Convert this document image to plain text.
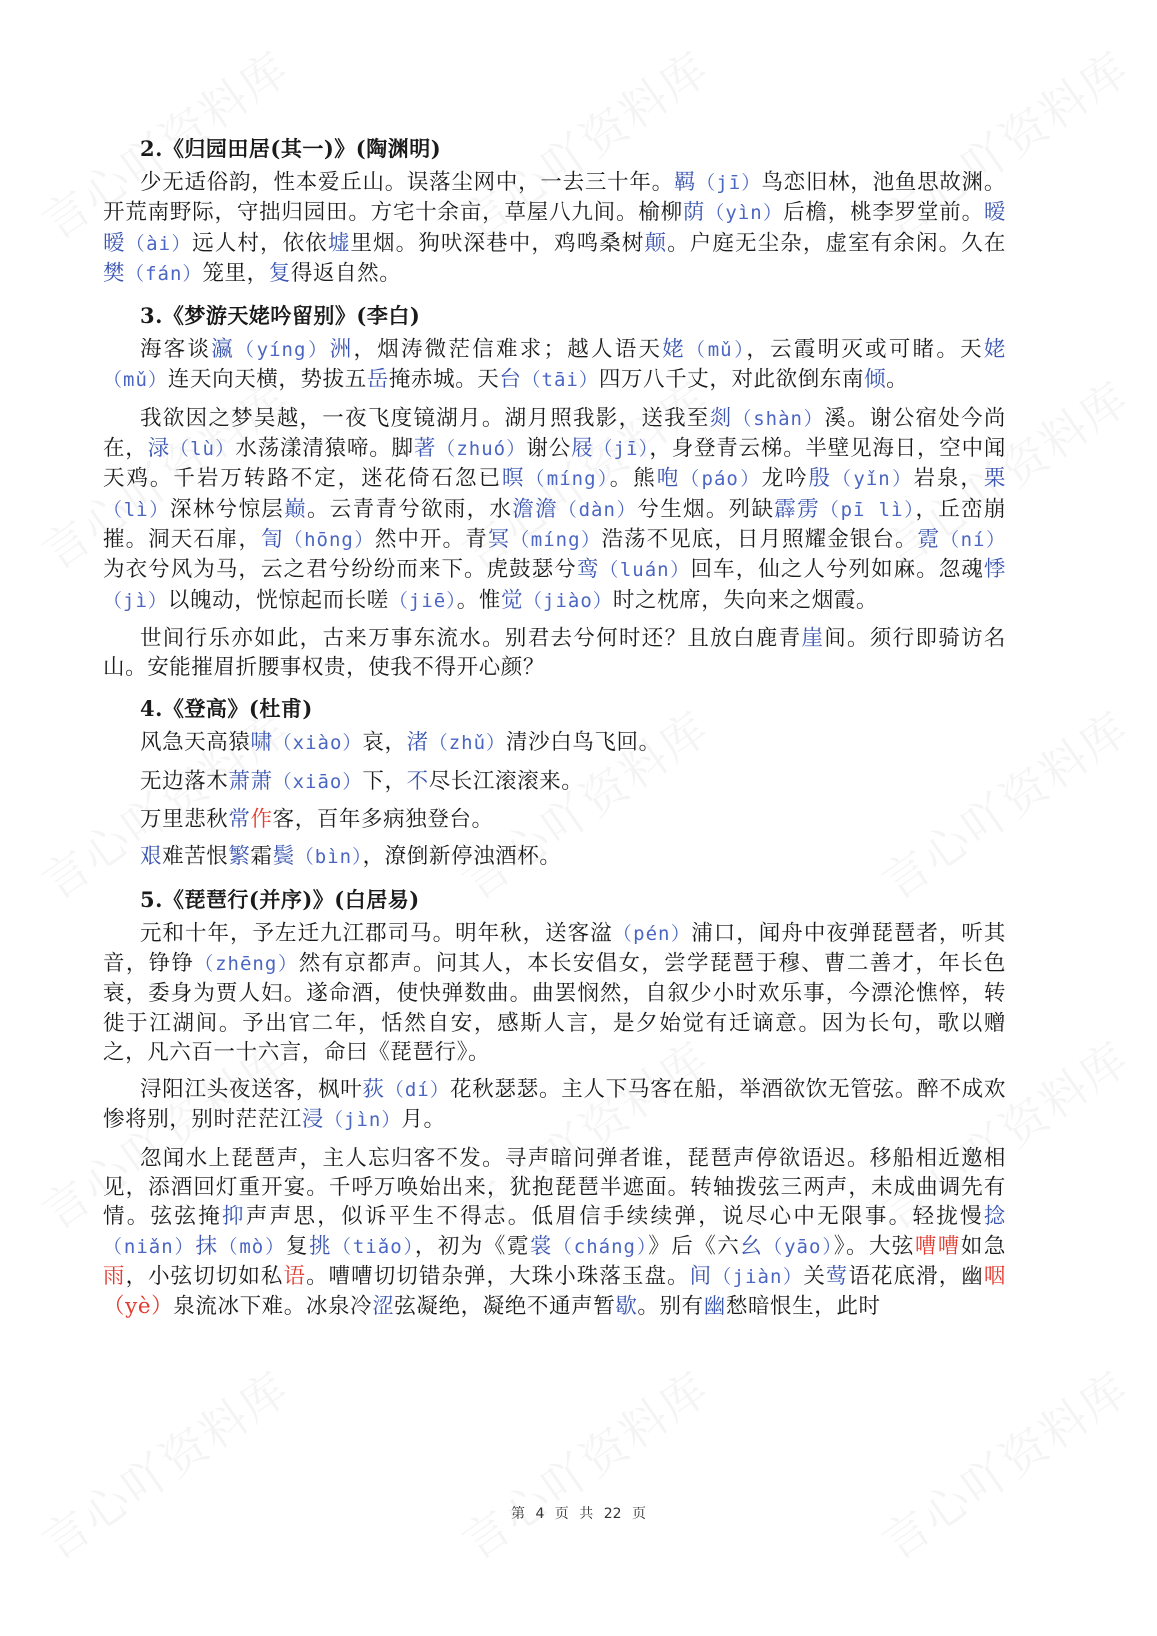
2.《归园田居(其一)》(陶渊明)

少无适俗韵，性本爱丘山。误落尘网中，一去三十年。羁（jī）鸟恋旧林，池鱼思故渊。开荒南野际，守拙归园田。方宅十余亩，草屋八九间。榆柳荫（yìn）后檐，桃李罗堂前。暧暧（ài）远人村，依依墟里烟。狗吠深巷中，鸡鸣桑树颠。户庭无尘杂，虚室有余闲。久在樊（fán）笼里，复得返自然。

3.《梦游天姥吟留别》(李白)

海客谈瀛（yíng）洲，烟涛微茫信难求；越人语天姥（mǔ），云霞明灭或可睹。天姥（mǔ）连天向天横，势拔五岳掩赤城。天台（tāi）四万八千丈，对此欲倒东南倾。

我欲因之梦吴越，一夜飞度镜湖月。湖月照我影，送我至剡（shàn）溪。谢公宿处今尚在，渌（lù）水荡漾清猿啼。脚著（zhuó）谢公屐（jī），身登青云梯。半壁见海日，空中闻天鸡。千岩万转路不定，迷花倚石忽已暝（míng）。熊咆（páo）龙吟殷（yǐn）岩泉，栗（lì）深林兮惊层巅。云青青兮欲雨，水澹澹（dàn）兮生烟。列缺霹雳（pī lì），丘峦崩摧。洞天石扉，訇（hōng）然中开。青冥（míng）浩荡不见底，日月照耀金银台。霓（ní）为衣兮风为马，云之君兮纷纷而来下。虎鼓瑟兮鸾（luán）回车，仙之人兮列如麻。忽魂悸（jì）以魄动，恍惊起而长嗟（jiē）。惟觉（jiào）时之枕席，失向来之烟霞。

世间行乐亦如此，古来万事东流水。别君去兮何时还？且放白鹿青崖间。须行即骑访名山。安能摧眉折腰事权贵，使我不得开心颜？

4.《登高》(杜甫)

风急天高猿啸（xiào）哀，渚（zhǔ）清沙白鸟飞回。

无边落木萧萧（xiāo）下，不尽长江滚滚来。

万里悲秋常作客，百年多病独登台。

艰难苦恨繁霜鬓（bìn），潦倒新停浊酒杯。

5.《琵琶行(并序)》(白居易)

元和十年，予左迁九江郡司马。明年秋，送客湓（pén）浦口，闻舟中夜弹琵琶者，听其音，铮铮（zhēng）然有京都声。问其人，本长安倡女，尝学琵琶于穆、曹二善才，年长色衰，委身为贾人妇。遂命酒，使快弹数曲。曲罢悯然，自叙少小时欢乐事，今漂沦憔悴，转徙于江湖间。予出官二年，恬然自安，感斯人言，是夕始觉有迁谪意。因为长句，歌以赠之，凡六百一十六言，命曰《琵琶行》。

浔阳江头夜送客，枫叶荻（dí）花秋瑟瑟。主人下马客在船，举酒欲饮无管弦。醉不成欢惨将别，别时茫茫江浸（jìn）月。

忽闻水上琵琶声，主人忘归客不发。寻声暗问弹者谁，琵琶声停欲语迟。移船相近邀相见，添酒回灯重开宴。千呼万唤始出来，犹抱琵琶半遮面。转轴拨弦三两声，未成曲调先有情。弦弦掩抑声声思，似诉平生不得志。低眉信手续续弹，说尽心中无限事。轻拢慢捻（niǎn）抹（mò）复挑（tiǎo），初为《霓裳（cháng）》后《六幺（yāo）》。大弦嘈嘈如急雨，小弦切切如私语。嘈嘈切切错杂弹，大珠小珠落玉盘。间（jiàn）关莺语花底滑，幽咽（yè）泉流冰下难。冰泉冷涩弦凝绝，凝绝不通声暂歇。别有幽愁暗恨生，此时

第 4 页 共 22 页
